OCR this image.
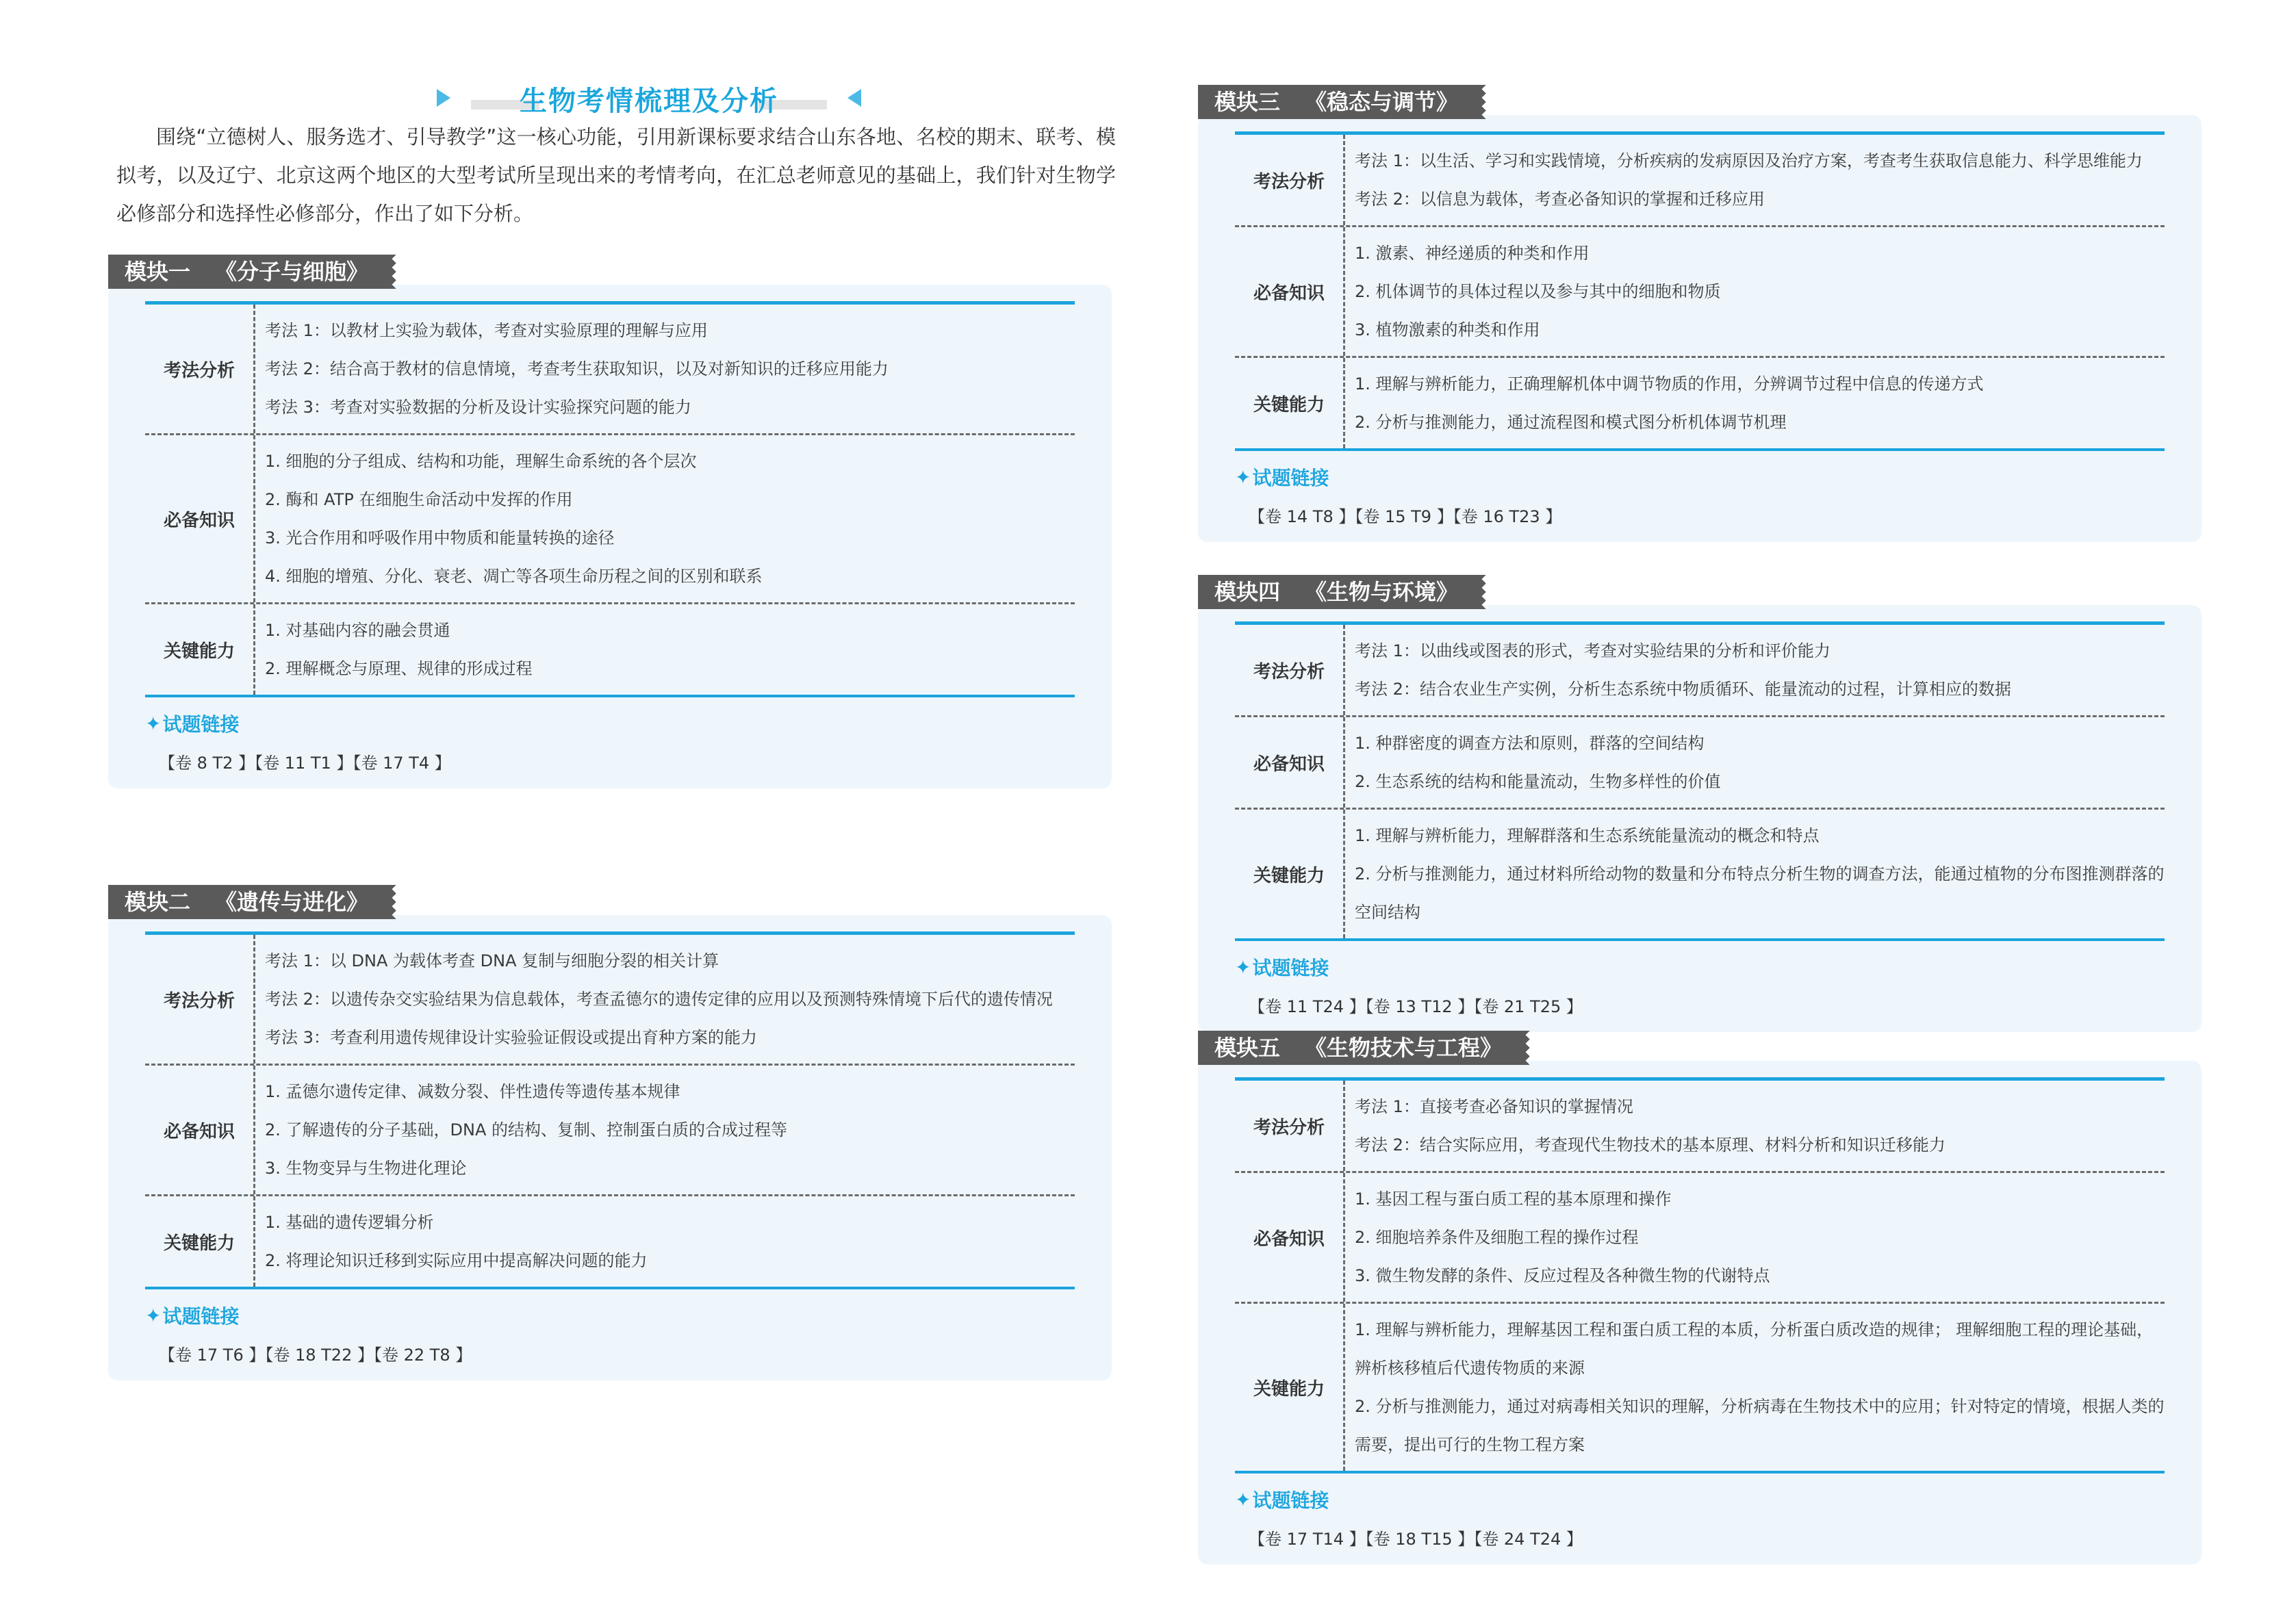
生物考情梳理及分析
围绕“立德树人、服务选才、引导教学”这一核心功能，引用新课标要求结合山东各地、名校的期末、联考、模拟考，以及辽宁、北京这两个地区的大型考试所呈现出来的考情考向，在汇总老师意见的基础上，我们针对生物学必修部分和选择性必修部分，作出了如下分析。
模块一 《分子与细胞》
考法分析
考法 1：以教材上实验为载体，考查对实验原理的理解与应用
考法 2：结合高于教材的信息情境，考查考生获取知识，以及对新知识的迁移应用能力
考法 3：考查对实验数据的分析及设计实验探究问题的能力
必备知识
1. 细胞的分子组成、结构和功能，理解生命系统的各个层次
2. 酶和 ATP 在细胞生命活动中发挥的作用
3. 光合作用和呼吸作用中物质和能量转换的途径
4. 细胞的增殖、分化、衰老、凋亡等各项生命历程之间的区别和联系
关键能力
1. 对基础内容的融会贯通
2. 理解概念与原理、规律的形成过程
✦ 试题链接
【卷 8 T2 】【卷 11 T1 】【卷 17 T4 】
模块二 《遗传与进化》
考法分析
考法 1：以 DNA 为载体考查 DNA 复制与细胞分裂的相关计算
考法 2：以遗传杂交实验结果为信息载体，考查孟德尔的遗传定律的应用以及预测特殊情境下后代的遗传情况
考法 3：考查利用遗传规律设计实验验证假设或提出育种方案的能力
必备知识
1. 孟德尔遗传定律、减数分裂、伴性遗传等遗传基本规律
2. 了解遗传的分子基础，DNA 的结构、复制、控制蛋白质的合成过程等
3. 生物变异与生物进化理论
关键能力
1. 基础的遗传逻辑分析
2. 将理论知识迁移到实际应用中提高解决问题的能力
✦ 试题链接
【卷 17 T6 】【卷 18 T22 】【卷 22 T8 】
模块三 《稳态与调节》
考法分析
考法 1：以生活、学习和实践情境，分析疾病的发病原因及治疗方案，考查考生获取信息能力、科学思维能力
考法 2：以信息为载体，考查必备知识的掌握和迁移应用
必备知识
1. 激素、神经递质的种类和作用
2. 机体调节的具体过程以及参与其中的细胞和物质
3. 植物激素的种类和作用
关键能力
1. 理解与辨析能力，正确理解机体中调节物质的作用，分辨调节过程中信息的传递方式
2. 分析与推测能力，通过流程图和模式图分析机体调节机理
✦ 试题链接
【卷 14 T8 】【卷 15 T9 】【卷 16 T23 】
模块四 《生物与环境》
考法分析
考法 1：以曲线或图表的形式，考查对实验结果的分析和评价能力
考法 2：结合农业生产实例，分析生态系统中物质循环、能量流动的过程，计算相应的数据
必备知识
1. 种群密度的调查方法和原则，群落的空间结构
2. 生态系统的结构和能量流动，生物多样性的价值
关键能力
1. 理解与辨析能力，理解群落和生态系统能量流动的概念和特点
2. 分析与推测能力，通过材料所给动物的数量和分布特点分析生物的调查方法，能通过植物的分布图推测群落的空间结构
✦ 试题链接
【卷 11 T24 】【卷 13 T12 】【卷 21 T25 】
模块五 《生物技术与工程》
考法分析
考法 1：直接考查必备知识的掌握情况
考法 2：结合实际应用，考查现代生物技术的基本原理、材料分析和知识迁移能力
必备知识
1. 基因工程与蛋白质工程的基本原理和操作
2. 细胞培养条件及细胞工程的操作过程
3. 微生物发酵的条件、反应过程及各种微生物的代谢特点
关键能力
1. 理解与辨析能力，理解基因工程和蛋白质工程的本质，分析蛋白质改造的规律； 理解细胞工程的理论基础，辨析核移植后代遗传物质的来源
2. 分析与推测能力，通过对病毒相关知识的理解，分析病毒在生物技术中的应用；针对特定的情境，根据人类的需要，提出可行的生物工程方案
✦ 试题链接
【卷 17 T14 】【卷 18 T15 】【卷 24 T24 】
